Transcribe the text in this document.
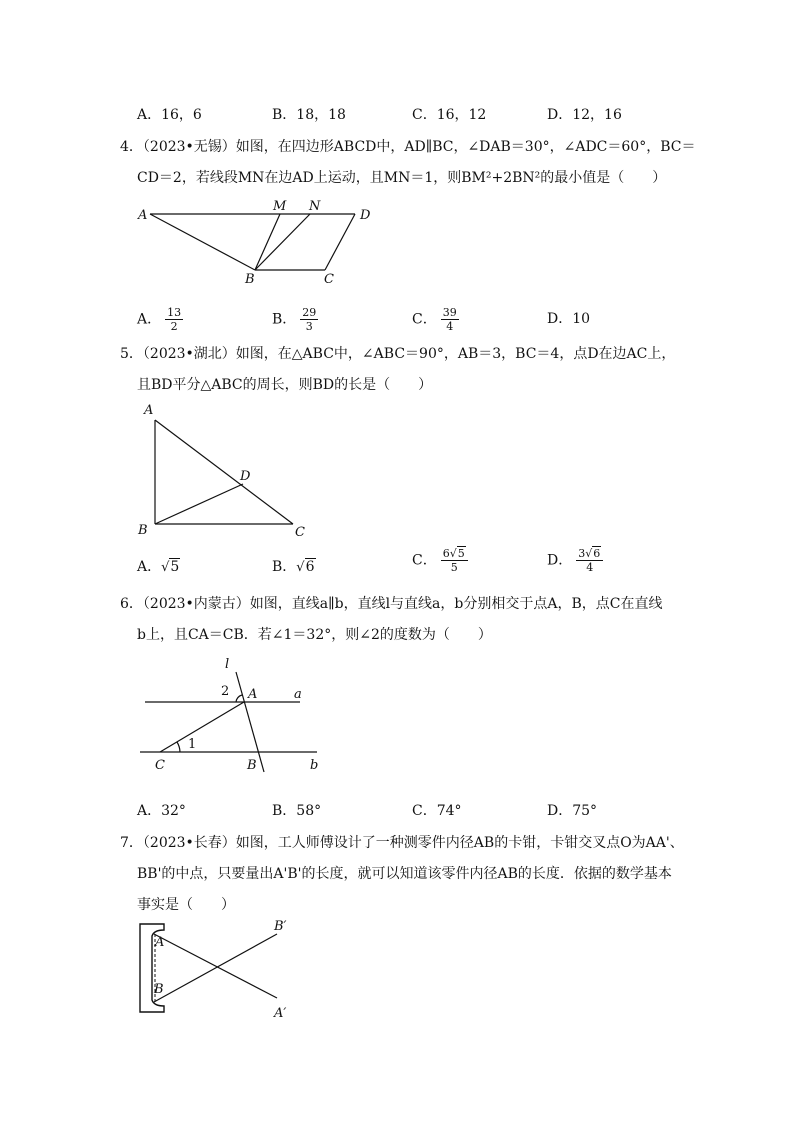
A．16，6	B．18，18	C．16，12	D．12，16
4．（2023•无锡）如图，在四边形ABCD中，AD∥BC，∠DAB＝30°，∠ADC＝60°，BC＝
CD＝2，若线段MN在边AD上运动，且MN＝1，则BM²+2BN²的最小值是（　　）
A
M N
D
B	C
A． $\frac{13}{2}$	B． $\frac{29}{3}$	C． $\frac{39}{4}$	D．10
5．（2023•湖北）如图，在△ABC中，∠ABC＝90°，AB＝3，BC＝4，点D在边AC上，
且BD平分△ABC的周长，则BD的长是（　　）
A
D
B	C
A．√5	B．√6	C． $\frac{6√5}{5}$	D． $\frac{3√6}{4}$
6．（2023•内蒙古）如图，直线a∥b，直线l与直线a，b分别相交于点A，B，点C在直线
b上，且CA＝CB．若∠1＝32°，则∠2的度数为（　　）
l
2 A	a
1
C	B	b
A．32°	B．58°	C．74°	D．75°
7．（2023•长春）如图，工人师傅设计了一种测零件内径AB的卡钳，卡钳交叉点O为AA'、
BB'的中点，只要量出A'B'的长度，就可以知道该零件内径AB的长度．依据的数学基本
事实是（　　）
B′
A
B
A′
